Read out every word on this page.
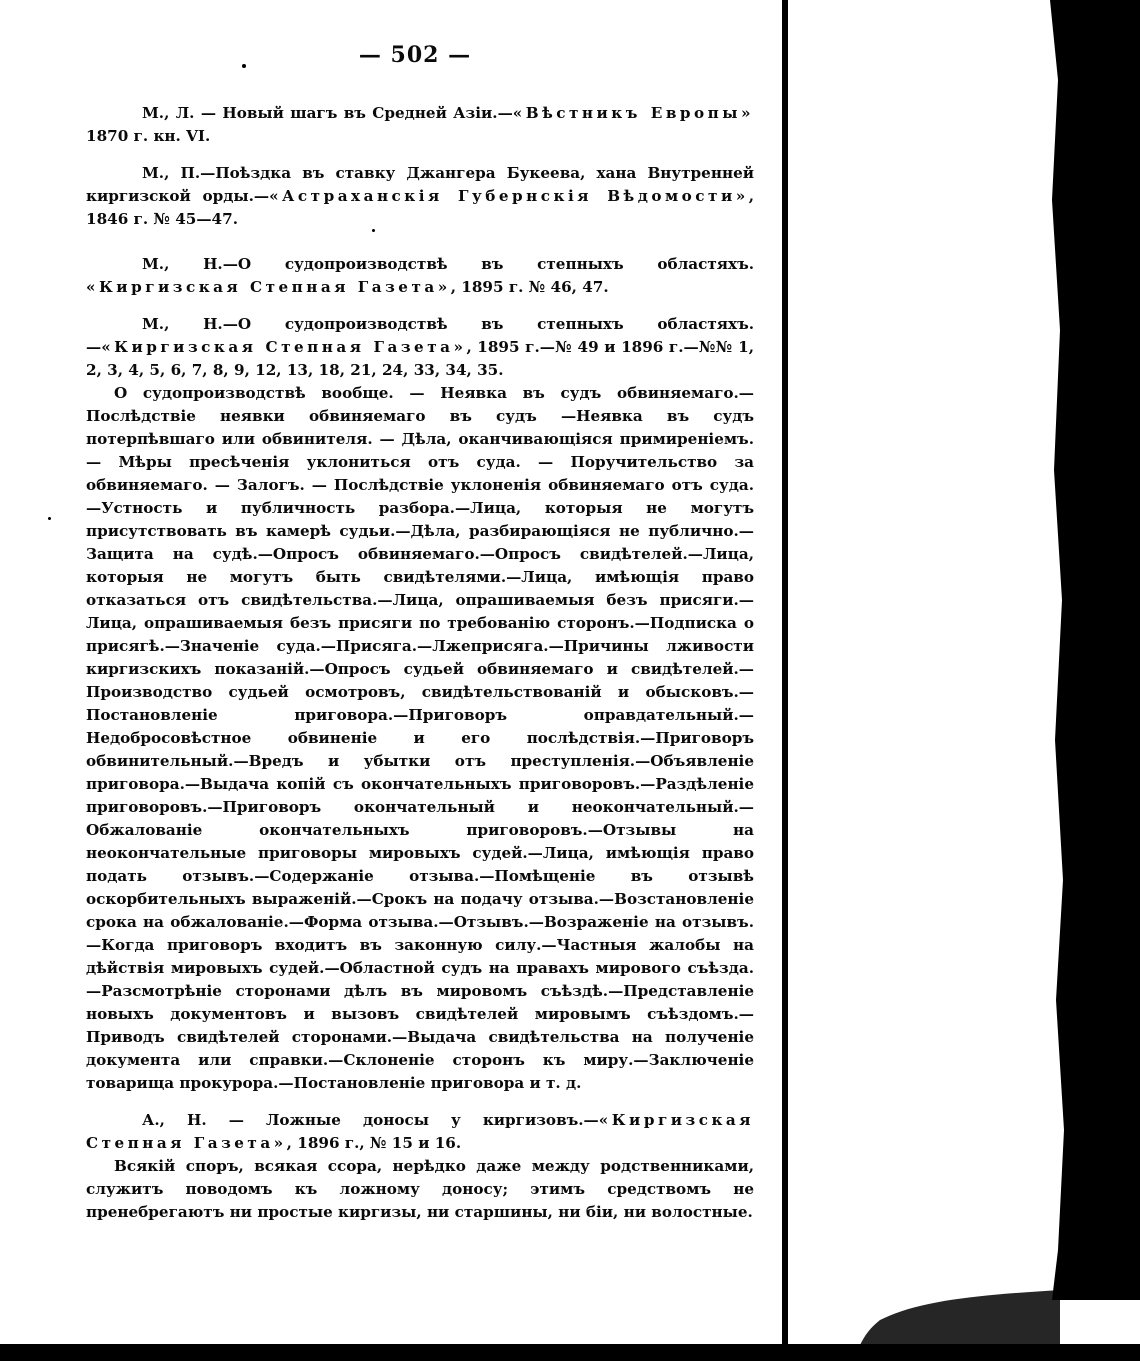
— 502 —

М., Л. — Новый шагъ въ Средней Азіи.—«Вѣстникъ Европы» 1870 г. кн. VI.

М., П.—Поѣздка въ ставку Джангера Букеева, хана Внутренней киргизской орды.—«Астраханскія Губернскія Вѣдомости», 1846 г. № 45—47.

М., Н.—О судопроизводствѣ въ степныхъ областяхъ. «Киргизская Степная Газета», 1895 г. № 46, 47.

М., Н.—О судопроизводствѣ въ степныхъ областяхъ.—«Киргизская Степная Газета», 1895 г.—№ 49 и 1896 г.—№№ 1, 2, 3, 4, 5, 6, 7, 8, 9, 12, 13, 18, 21, 24, 33, 34, 35.

О судопроизводствѣ вообще. — Неявка въ судъ обвиняемаго.—Послѣдствіе неявки обвиняемаго въ судъ —Неявка въ судъ потерпѣвшаго или обвинителя. — Дѣла, оканчивающіяся примиреніемъ. — Мѣры пресѣченія уклониться отъ суда. — Поручительство за обвиняемаго. — Залогъ. — Послѣдствіе уклоненія обвиняемаго отъ суда.—Устность и публичность разбора.—Лица, которыя не могутъ присутствовать въ камерѣ судьи.—Дѣла, разбирающіяся не публично.—Защита на судѣ.—Опросъ обвиняемаго.—Опросъ свидѣтелей.—Лица, которыя не могутъ быть свидѣтелями.—Лица, имѣющія право отказаться отъ свидѣтельства.—Лица, опрашиваемыя безъ присяги.—Лица, опрашиваемыя безъ присяги по требованію сторонъ.—Подписка о присягѣ.—Значеніе суда.—Присяга.—Лжеприсяга.—Причины лживости киргизскихъ показаній.—Опросъ судьей обвиняемаго и свидѣтелей.—Производство судьей осмотровъ, свидѣтельствованій и обысковъ.—Постановленіе приговора.—Приговоръ оправдательный.—Недобросовѣстное обвиненіе и его послѣдствія.—Приговоръ обвинительный.—Вредъ и убытки отъ преступленія.—Объявленіе приговора.—Выдача копій съ окончательныхъ приговоровъ.—Раздѣленіе приговоровъ.—Приговоръ окончательный и неокончательный.—Обжалованіе окончательныхъ приговоровъ.—Отзывы на неокончательные приговоры мировыхъ судей.—Лица, имѣющія право подать отзывъ.—Содержаніе отзыва.—Помѣщеніе въ отзывѣ оскорбительныхъ выраженій.—Срокъ на подачу отзыва.—Возстановленіе срока на обжалованіе.—Форма отзыва.—Отзывъ.—Возраженіе на отзывъ.—Когда приговоръ входитъ въ законную силу.—Частныя жалобы на дѣйствія мировыхъ судей.—Областной судъ на правахъ мирового съѣзда.—Разсмотрѣніе сторонами дѣлъ въ мировомъ съѣздѣ.—Представленіе новыхъ документовъ и вызовъ свидѣтелей мировымъ съѣздомъ.—Приводъ свидѣтелей сторонами.—Выдача свидѣтельства на полученіе документа или справки.—Склоненіе сторонъ къ миру.—Заключеніе товарища прокурора.—Постановленіе приговора и т. д.

А., Н. — Ложные доносы у киргизовъ.—«Киргизская Степная Газета», 1896 г., № 15 и 16.

Всякій споръ, всякая ссора, нерѣдко даже между родственниками, служитъ поводомъ къ ложному доносу; этимъ средствомъ не пренебрегаютъ ни простые киргизы, ни старшины, ни біи, ни волостные.
